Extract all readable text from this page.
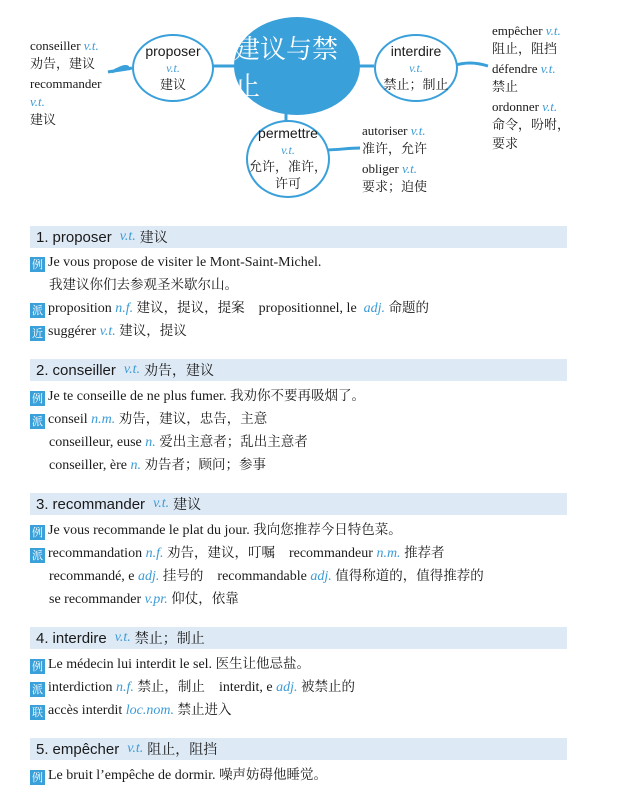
建议与禁止
proposer
v.t.
建议
interdire
v.t.
禁止；制止
permettre
v.t.
允许，准许，
许可
conseiller v.t.
劝告，建议
recommander
v.t.
建议
empêcher v.t.
阻止，阻挡
défendre v.t.
禁止
ordonner v.t.
命令，吩咐，
要求
autoriser v.t.
准许，允许
obliger v.t.
要求；迫使
1. proposer v.t. 建议
例 Je vous propose de visiter le Mont-Saint-Michel.
我建议你们去参观圣米歇尔山。
派 proposition n.f. 建议，提议，提案 propositionnel, le adj. 命题的
近 suggérer v.t. 建议，提议
2. conseiller v.t. 劝告，建议
例 Je te conseille de ne plus fumer. 我劝你不要再吸烟了。
派 conseil n.m. 劝告，建议，忠告，主意
conseilleur, euse n. 爱出主意者；乱出主意者
conseiller, ère n. 劝告者；顾问；参事
3. recommander v.t. 建议
例 Je vous recommande le plat du jour. 我向您推荐今日特色菜。
派 recommandation n.f. 劝告，建议，叮嘱 recommandeur n.m. 推荐者
recommandé, e adj. 挂号的 recommandable adj. 值得称道的，值得推荐的
se recommander v.pr. 仰仗，依靠
4. interdire v.t. 禁止；制止
例 Le médecin lui interdit le sel. 医生让他忌盐。
派 interdiction n.f. 禁止，制止 interdit, e adj. 被禁止的
联 accès interdit loc.nom. 禁止进入
5. empêcher v.t. 阻止，阻挡
例 Le bruit l’empêche de dormir. 噪声妨碍他睡觉。
